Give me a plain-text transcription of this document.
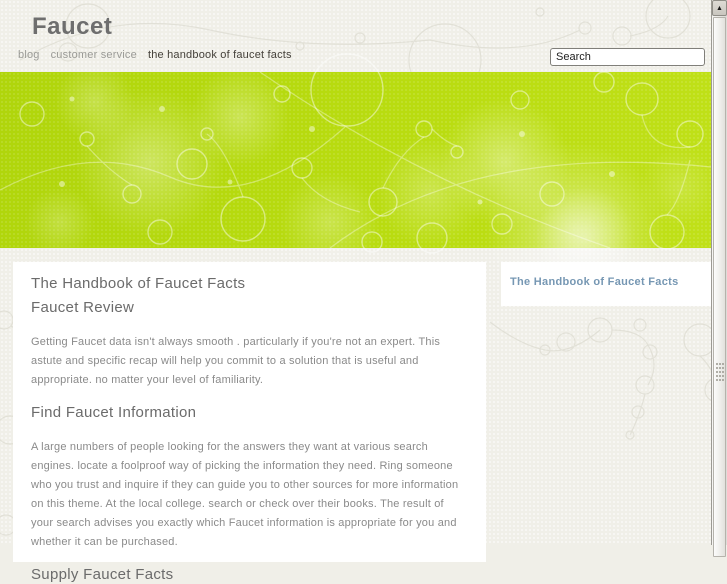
Faucet
blog customer service the handbook of faucet facts
Search
The Handbook of Faucet Facts
Faucet Review

Getting Faucet data isn't always smooth . particularly if you're not an expert. This astute and specific recap will help you commit to a solution that is useful and appropriate. no matter your level of familiarity.

Find Faucet Information

A large numbers of people looking for the answers they want at various search engines. locate a foolproof way of picking the information they need. Ring someone who you trust and inquire if they can guide you to other sources for more information on this theme. At the local college. search or check over their books. The result of your search advises you exactly which Faucet information is appropriate for you and whether it can be purchased.

Supply Faucet Facts

The Handbook of Faucet Facts
▲
